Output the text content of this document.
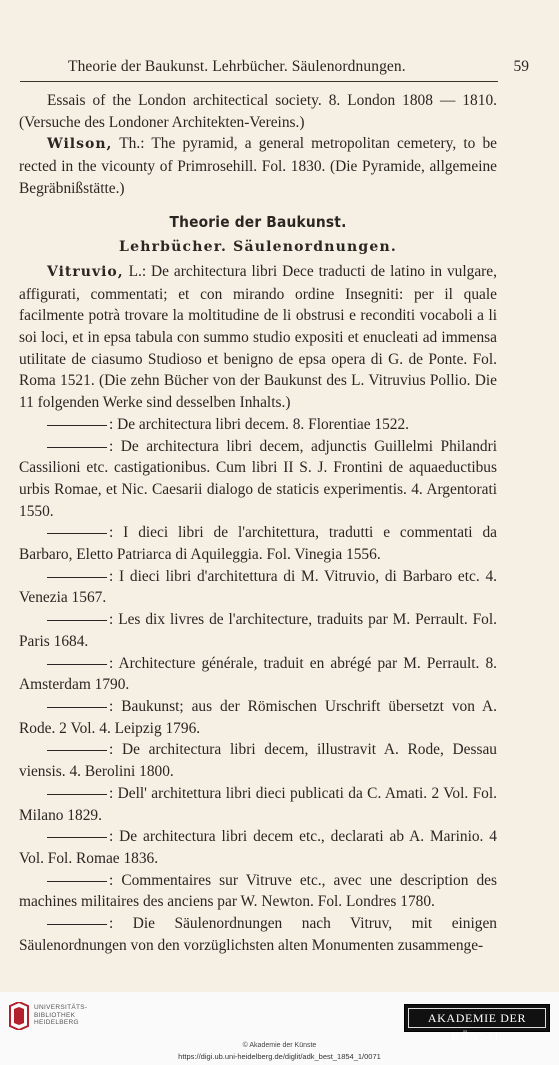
Theorie der Baukunst. Lehrbücher. Säulenordnungen.	59

Essais of the London architectical society. 8. London 1808 — 1810. (Versuche des Londoner Architekten-Vereins.)

Wilson, Th.: The pyramid, a general metropolitan cemetery, to be rected in the vicounty of Primrosehill. Fol. 1830. (Die Pyramide, allgemeine Begräbnißstätte.)

Theorie der Baukunst.
Lehrbücher. Säulenordnungen.

Vitruvio, L.: De architectura libri Dece traducti de latino in vulgare, affigurati, commentati; et con mirando ordine Insegniti: per il quale facilmente potrà trovare la moltitudine de li obstrusi e reconditi vocaboli a li soi loci, et in epsa tabula con summo studio expositi et enucleati ad immensa utilitate de ciasumo Studioso et benigno de epsa opera di G. de Ponte. Fol. Roma 1521. (Die zehn Bücher von der Baukunst des L. Vitruvius Pollio. Die 11 folgenden Werke sind desselben Inhalts.)

: De architectura libri decem. 8. Florentiae 1522.

: De architectura libri decem, adjunctis Guillelmi Philandri Cassilioni etc. castigationibus. Cum libri II S. J. Frontini de aquaeductibus urbis Romae, et Nic. Caesarii dialogo de staticis experimentis. 4. Argentorati 1550.

: I dieci libri de l'architettura, tradutti e commentati da Barbaro, Eletto Patriarca di Aquileggia. Fol. Vinegia 1556.

: I dieci libri d'architettura di M. Vitruvio, di Barbaro etc. 4. Venezia 1567.

: Les dix livres de l'architecture, traduits par M. Perrault. Fol. Paris 1684.

: Architecture générale, traduit en abrégé par M. Perrault. 8. Amsterdam 1790.

: Baukunst; aus der Römischen Urschrift übersetzt von A. Rode. 2 Vol. 4. Leipzig 1796.

: De architectura libri decem, illustravit A. Rode, Dessau viensis. 4. Berolini 1800.

: Dell' architettura libri dieci publicati da C. Amati. 2 Vol. Fol. Milano 1829.

: De architectura libri decem etc., declarati ab A. Marinio. 4 Vol. Fol. Romae 1836.

: Commentaires sur Vitruve etc., avec une description des machines militaires des anciens par W. Newton. Fol. Londres 1780.

: Die Säulenordnungen nach Vitruv, mit einigen Säulenordnungen von den vorzüglichsten alten Monumenten zusammenge-

UNIVERSITÄTS-
BIBLIOTHEK
HEIDELBERG	AKADEMIE DER KÜNSTE
© Akademie der Künste
https://digi.ub.uni-heidelberg.de/diglit/adk_best_1854_1/0071
